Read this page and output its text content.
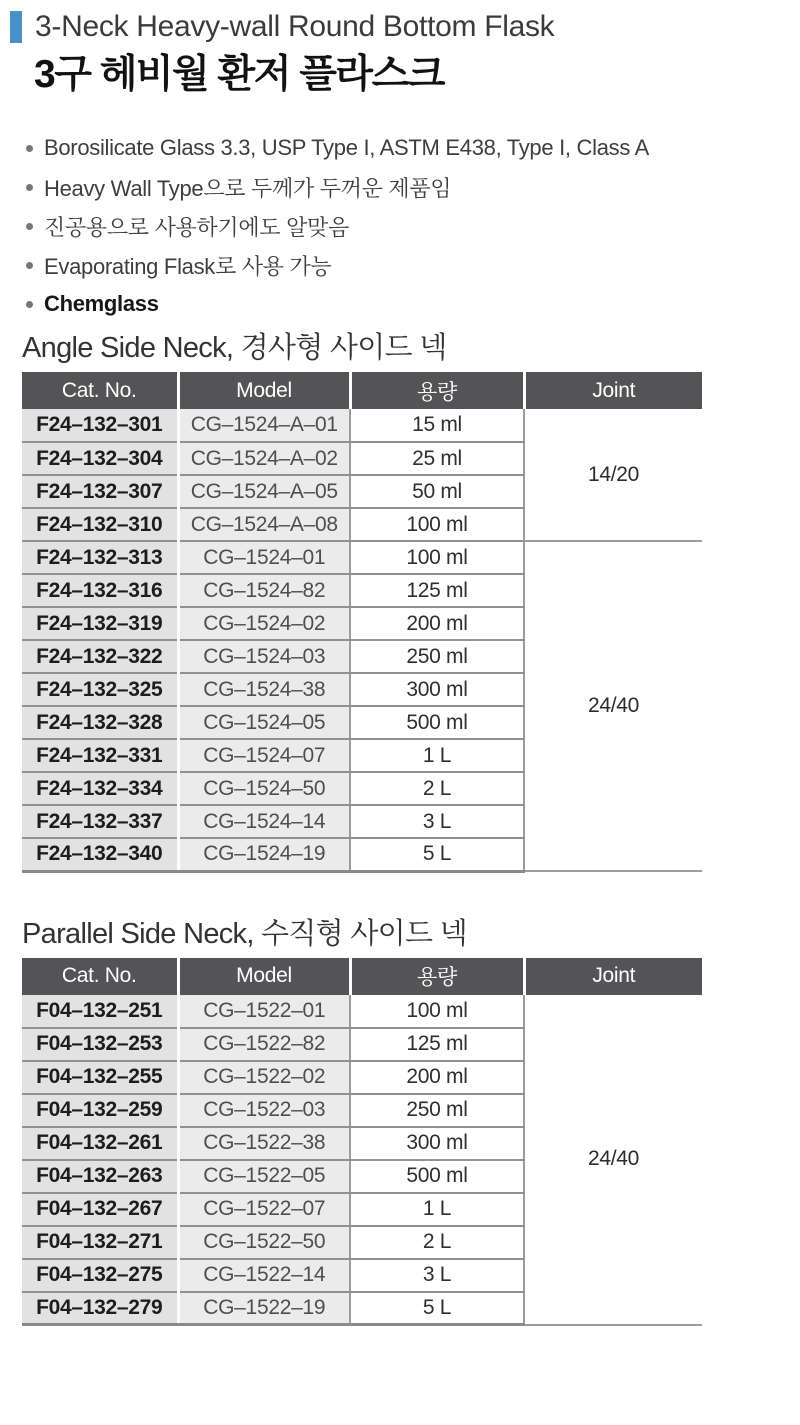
3-Neck Heavy-wall Round Bottom Flask
3구 헤비월 환저 플라스크
Borosilicate Glass 3.3, USP Type I, ASTM E438, Type I, Class A
Heavy Wall Type으로 두께가 두꺼운 제품임
진공용으로 사용하기에도 알맞음
Evaporating Flask로 사용 가능
Chemglass
Angle Side Neck, 경사형 사이드 넥
Cat. No.	Model	용량	Joint
F24–132–301	CG–1524–A–01	15 ml	14/20
F24–132–304	CG–1524–A–02	25 ml	
F24–132–307	CG–1524–A–05	50 ml	
F24–132–310	CG–1524–A–08	100 ml	
F24–132–313	CG–1524–01	100 ml	24/40
F24–132–316	CG–1524–82	125 ml	
F24–132–319	CG–1524–02	200 ml	
F24–132–322	CG–1524–03	250 ml	
F24–132–325	CG–1524–38	300 ml	
F24–132–328	CG–1524–05	500 ml	
F24–132–331	CG–1524–07	1 L	
F24–132–334	CG–1524–50	2 L	
F24–132–337	CG–1524–14	3 L	
F24–132–340	CG–1524–19	5 L	
Parallel Side Neck, 수직형 사이드 넥
Cat. No.	Model	용량	Joint
F04–132–251	CG–1522–01	100 ml	24/40
F04–132–253	CG–1522–82	125 ml	
F04–132–255	CG–1522–02	200 ml	
F04–132–259	CG–1522–03	250 ml	
F04–132–261	CG–1522–38	300 ml	
F04–132–263	CG–1522–05	500 ml	
F04–132–267	CG–1522–07	1 L	
F04–132–271	CG–1522–50	2 L	
F04–132–275	CG–1522–14	3 L	
F04–132–279	CG–1522–19	5 L	
